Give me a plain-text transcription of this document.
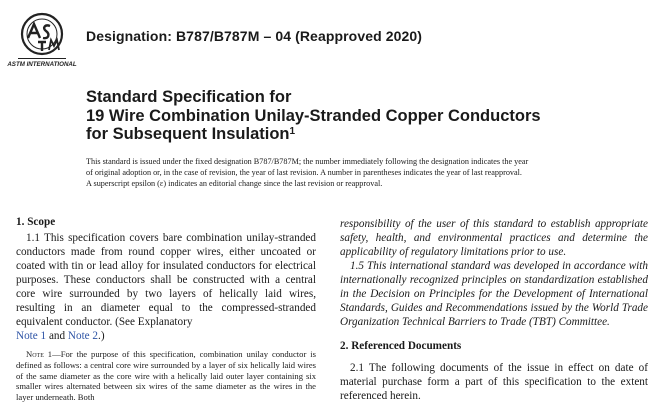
ASTM INTERNATIONAL
Designation: B787/B787M – 04 (Reapproved 2020)
Standard Specification for
19 Wire Combination Unilay-Stranded Copper Conductors
for Subsequent Insulation$^1$

This standard is issued under the fixed designation B787/B787M; the number immediately following the designation indicates the year

of original adoption or, in the case of revision, the year of last revision. A number in parentheses indicates the year of last reapproval.

A superscript epsilon (ε) indicates an editorial change since the last revision or reapproval.

1. Scope

1.1 This specification covers bare combination unilay-stranded conductors made from round copper wires, either uncoated or coated with tin or lead alloy for insulated conductors for electrical purposes. These conductors shall be constructed with a central core wire surrounded by two layers of helically laid wires, resulting in an diameter equal to the compressed-stranded equivalent conductor. (See Explanatory
Note 1 and Note 2.)

Note 1—For the purpose of this specification, combination unilay conductor is defined as follows: a central core wire surrounded by a layer of six helically laid wires of the same diameter as the core wire with a helically laid outer layer containing six smaller wires alternated between six wires of the same diameter as the wires in the layer underneath. Both

responsibility of the user of this standard to establish appropriate safety, health, and environmental practices and determine the applicability of regulatory limitations prior to use.

1.5 This international standard was developed in accordance with internationally recognized principles on standardization established in the Decision on Principles for the Development of International Standards, Guides and Recommendations issued by the World Trade Organization Technical Barriers to Trade (TBT) Committee.

2. Referenced Documents

2.1 The following documents of the issue in effect on date of material purchase form a part of this specification to the extent referenced herein.
